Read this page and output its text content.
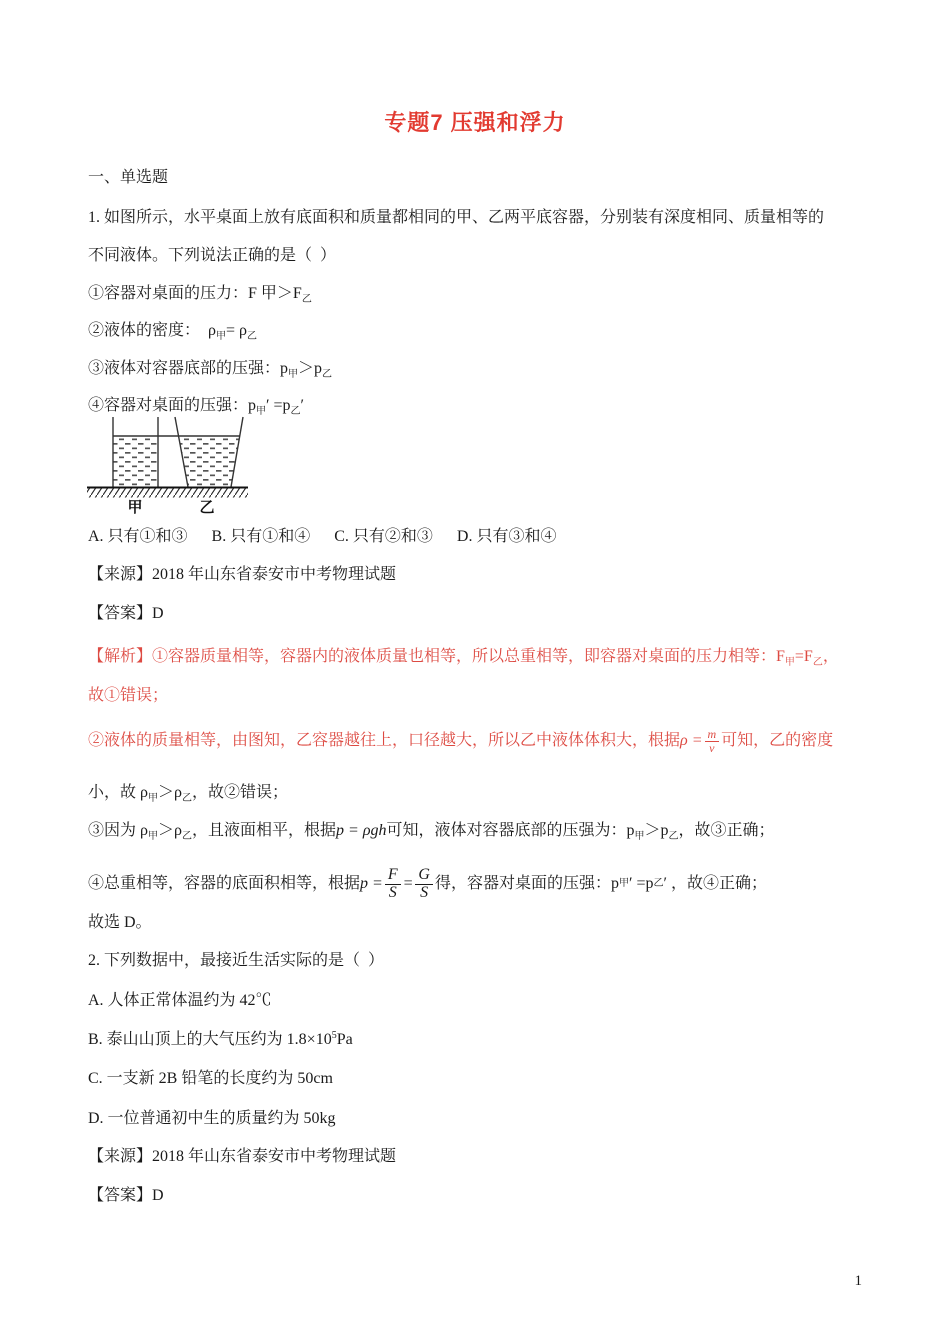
专题7 压强和浮力
一、单选题
1. 如图所示，水平桌面上放有底面积和质量都相同的甲、乙两平底容器，分别装有深度相同、质量相等的
不同液体。下列说法正确的是（  ）
①容器对桌面的压力：F 甲$>F_乙$
②液体的密度：  $\rho_甲= \rho_乙$
③液体对容器底部的压强：$p_甲>p_乙$
④容器对桌面的压强：$p_甲' =p_乙'$
甲	乙
A. 只有①和③      B. 只有①和④      C. 只有②和③      D. 只有③和④
【来源】2018 年山东省泰安市中考物理试题
【答案】D
【解析】①容器质量相等，容器内的液体质量也相等，所以总重相等，即容器对桌面的压力相等：$F_甲=F_乙$，
故①错误；
②液体的质量相等，由图知，乙容器越往上，口径越大，所以乙中液体体积大，根据 $\rho = \frac{m}{v}$ 可知，乙的密度
小，故 $\rho_甲>\rho_乙$，故②错误；
③因为 $\rho_甲>\rho_乙$，且液面相平，根据p = ρgh可知，液体对容器底部的压强为：$p_甲>p_乙$，故③正确；
④总重相等，容器的底面积相等，根据 $p = \frac{F}{S} = \frac{G}{S}$ 得，容器对桌面的压强：p 甲 ′ =p 乙 ′ ，故④正确；
故选 D。
2. 下列数据中，最接近生活实际的是（  ）
A. 人体正常体温约为 42℃
B. 泰山山顶上的大气压约为 $1.8\times 10^5Pa$
C. 一支新 2B 铅笔的长度约为 50cm
D. 一位普通初中生的质量约为 50kg
【来源】2018 年山东省泰安市中考物理试题
【答案】D
1
